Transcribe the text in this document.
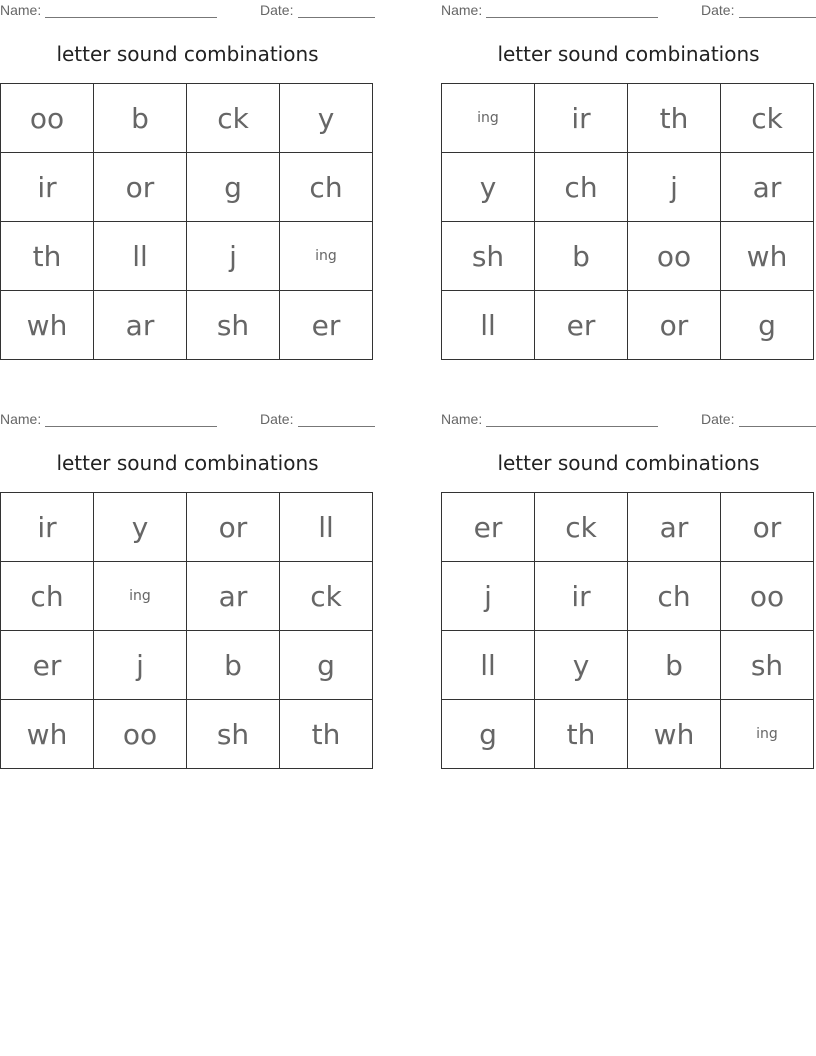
Name:	Date:
letter sound combinations
oo	b	ck	y
ir	or	g	ch
th	ll	j	ing
wh	ar	sh	er
Name:	Date:
letter sound combinations
ing	ir	th	ck
y	ch	j	ar
sh	b	oo	wh
ll	er	or	g
Name:	Date:
letter sound combinations
ir	y	or	ll
ch	ing	ar	ck
er	j	b	g
wh	oo	sh	th
Name:	Date:
letter sound combinations
er	ck	ar	or
j	ir	ch	oo
ll	y	b	sh
g	th	wh	ing
